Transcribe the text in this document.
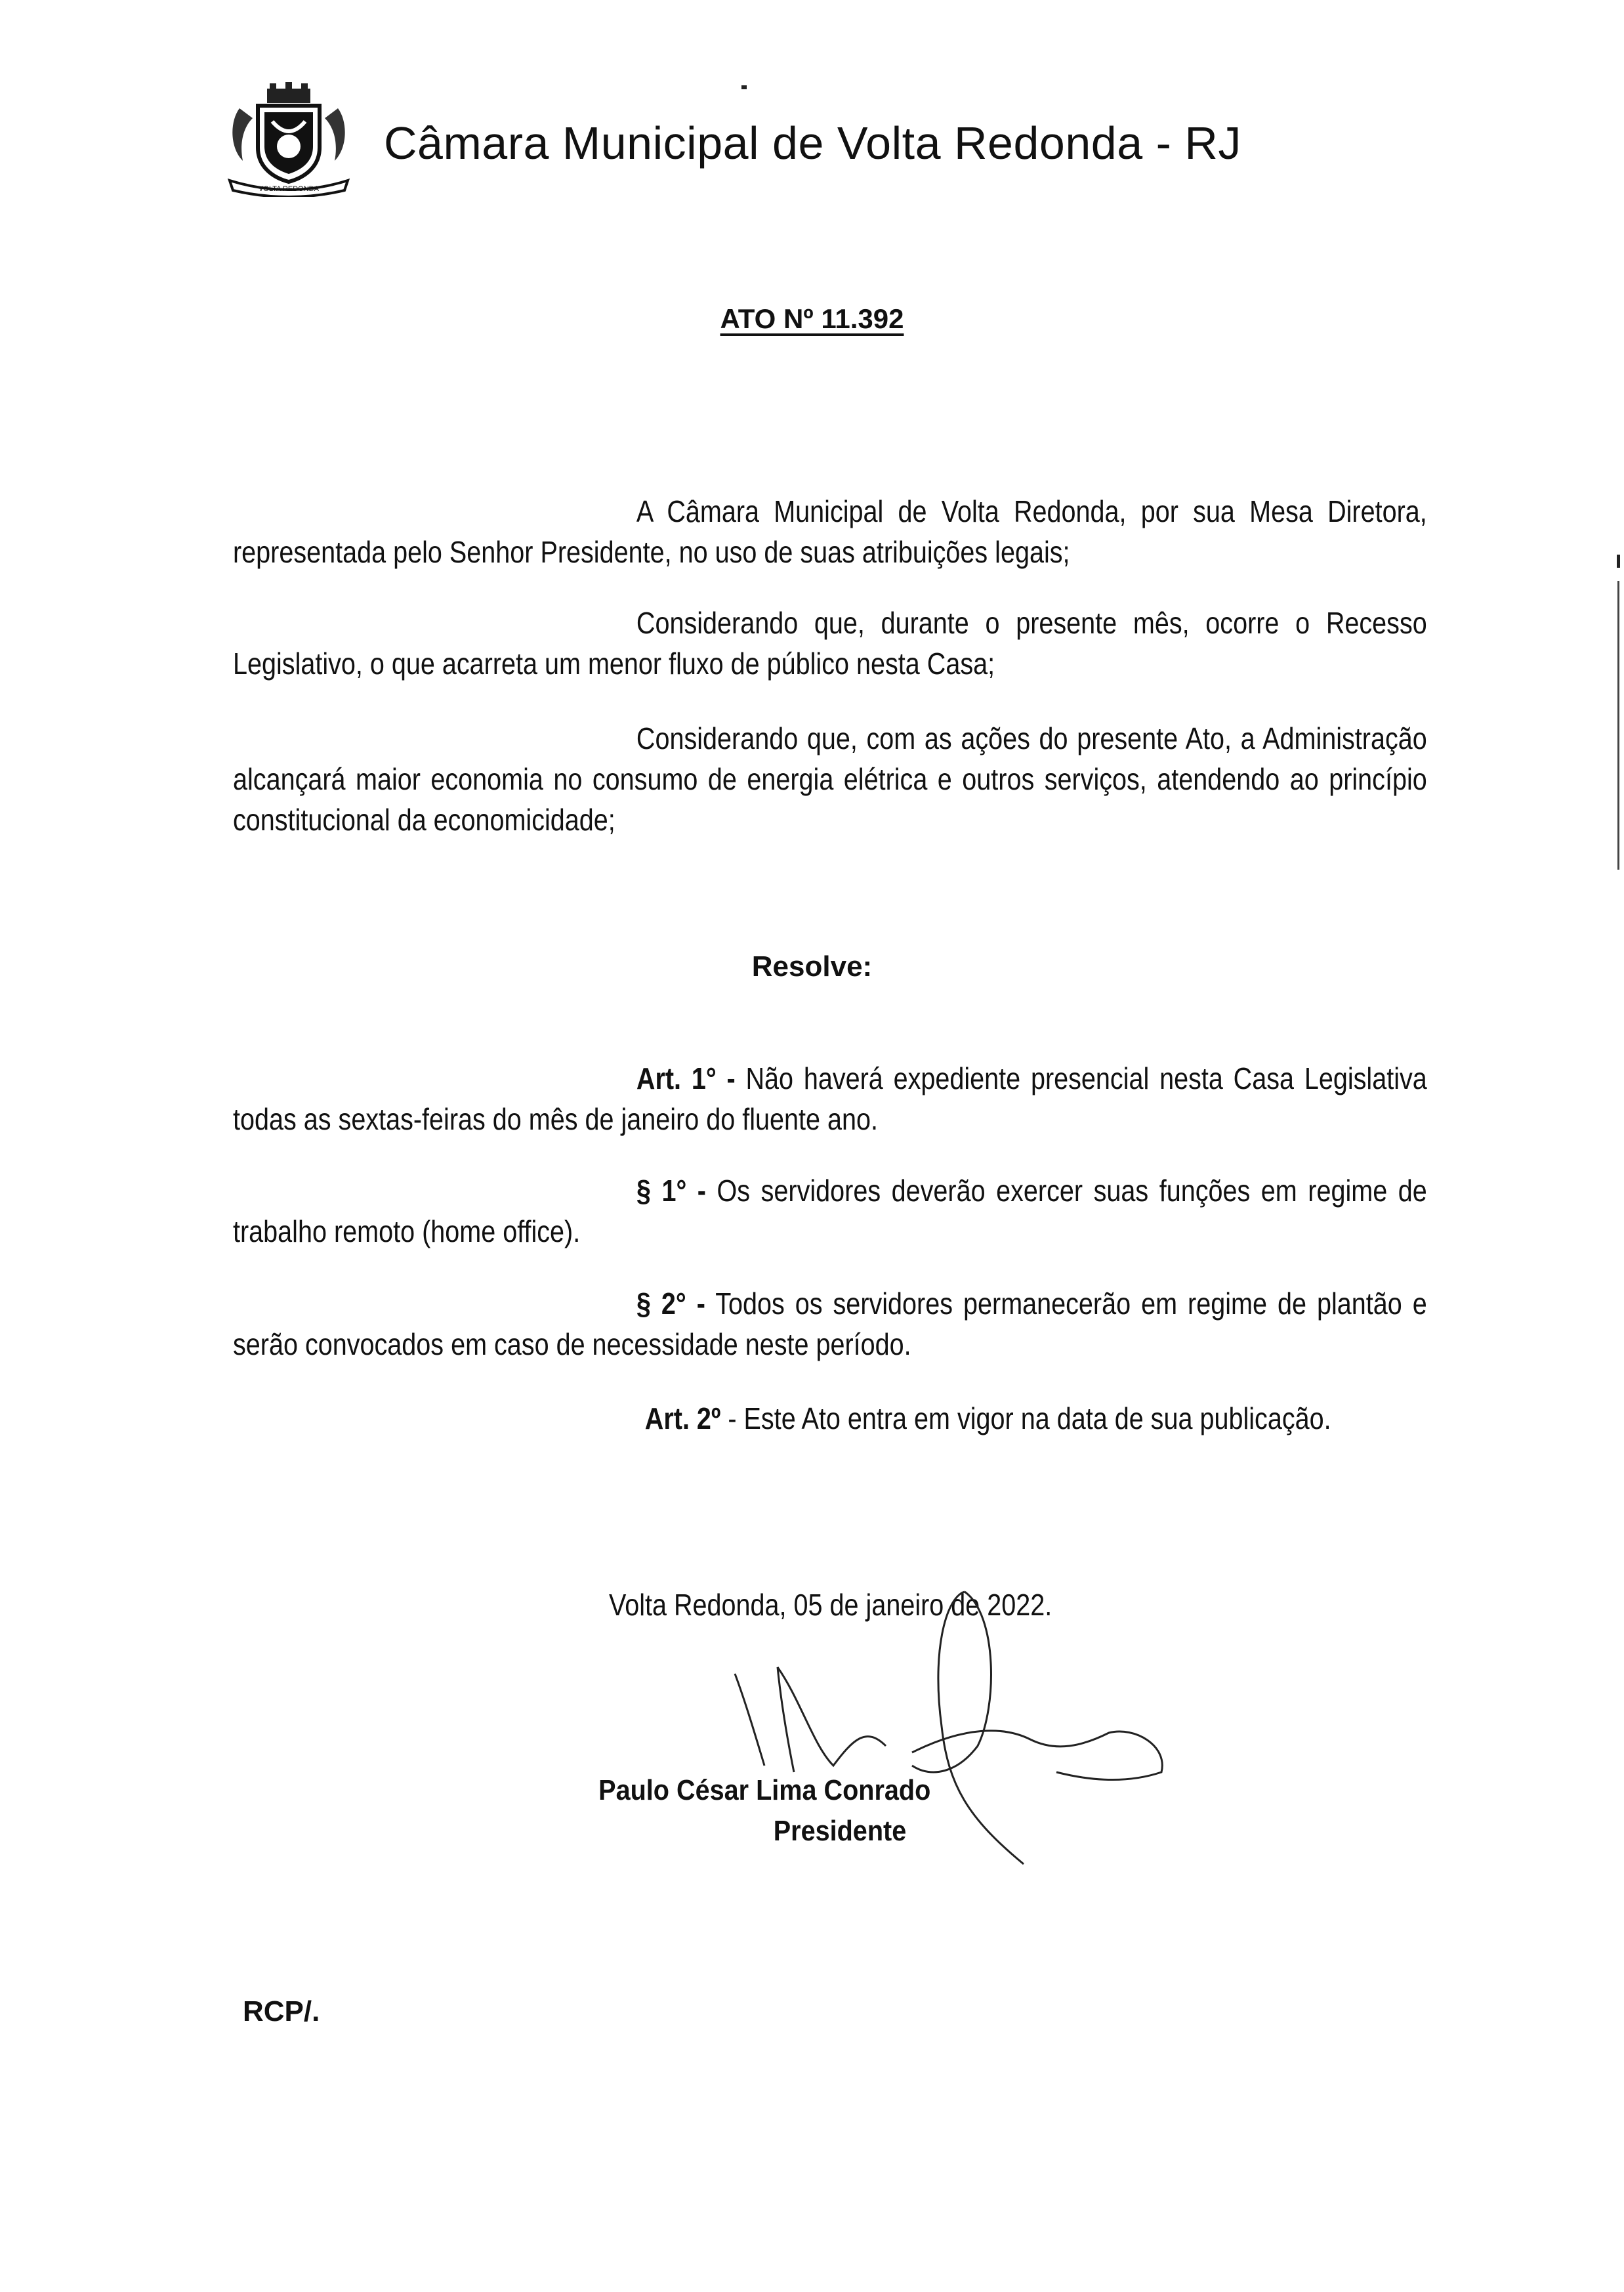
VOLTA REDONDA
Câmara Municipal de Volta Redonda - RJ
ATO Nº 11.392

A Câmara Municipal de Volta Redonda, por sua Mesa Diretora, representada pelo Senhor Presidente, no uso de suas atribuições legais;

Considerando que, durante o presente mês, ocorre o Recesso Legislativo, o que acarreta um menor fluxo de público nesta Casa;

Considerando que, com as ações do presente Ato, a Administração alcançará maior economia no consumo de energia elétrica e outros serviços, atendendo ao princípio constitucional da economicidade;

Resolve:

Art. 1° - Não haverá expediente presencial nesta Casa Legislativa todas as sextas-feiras do mês de janeiro do fluente ano.

§ 1° - Os servidores deverão exercer suas funções em regime de trabalho remoto (home office).

§ 2° - Todos os servidores permanecerão em regime de plantão e serão convocados em caso de necessidade neste período.

Art. 2º - Este Ato entra em vigor na data de sua publicação.

Volta Redonda, 05 de janeiro de 2022.
Paulo César Lima Conrado
Presidente
RCP/.
